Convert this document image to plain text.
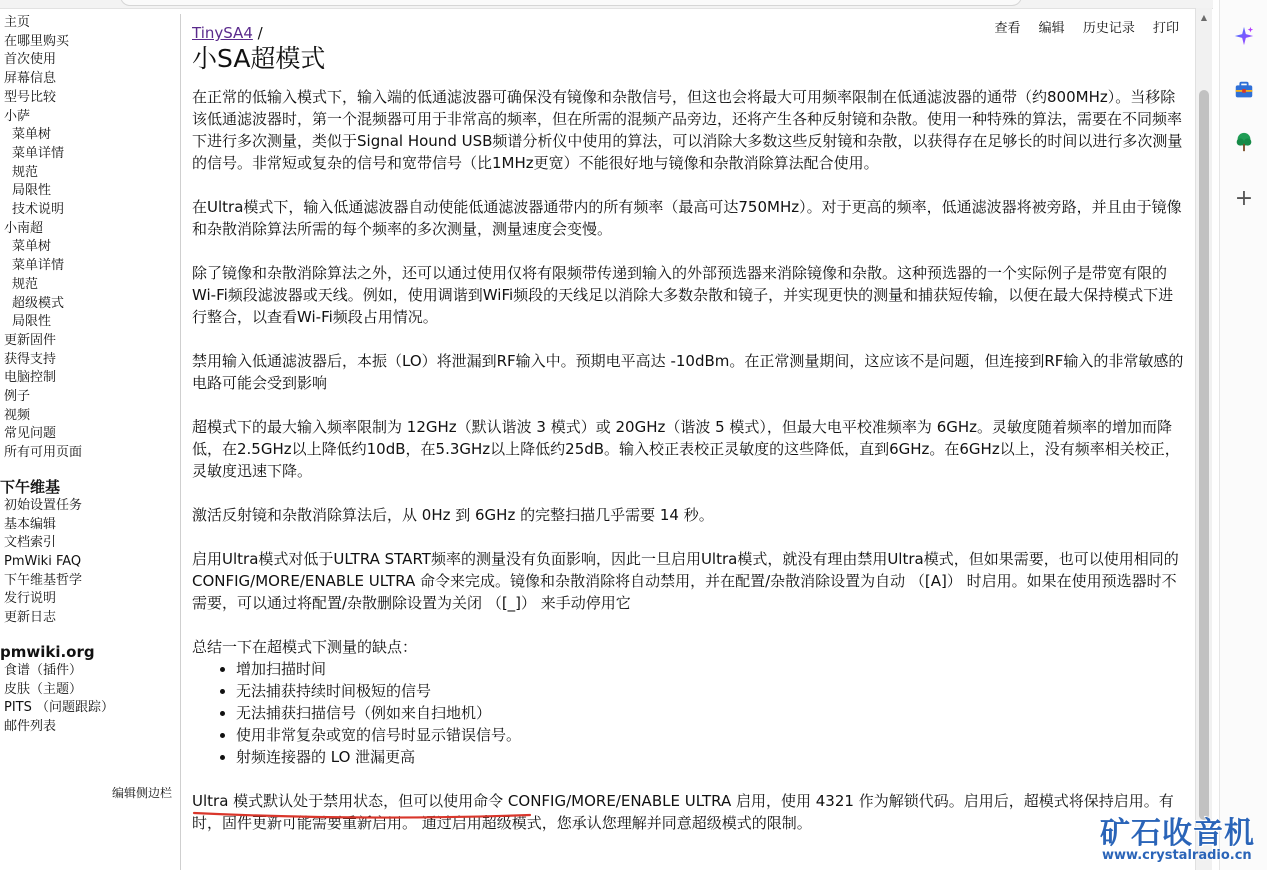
主页
在哪里购买
首次使用
屏幕信息
型号比较
小萨
菜单树
菜单详情
规范
局限性
技术说明
小南超
菜单树
菜单详情
规范
超级模式
局限性
更新固件
获得支持
电脑控制
例子
视频
常见问题
所有可用页面
下午维基
初始设置任务
基本编辑
文档索引
PmWiki FAQ
下午维基哲学
发行说明
更新日志
pmwiki.org
食谱（插件）
皮肤（主题）
PITS （问题跟踪）
邮件列表
编辑侧边栏
查看 编辑 历史记录 打印
TinySA4 /
小SA超模式

在正常的低输入模式下，输入端的低通滤波器可确保没有镜像和杂散信号，但这也会将最大可用频率限制在低通滤波器的通带（约800MHz）。当移除该低通滤波器时，第一个混频器可用于非常高的频率，但在所需的混频产品旁边，还将产生各种反射镜和杂散。使用一种特殊的算法，需要在不同频率下进行多次测量，类似于Signal Hound USB频谱分析仪中使用的算法，可以消除大多数这些反射镜和杂散，以获得存在足够长的时间以进行多次测量的信号。非常短或复杂的信号和宽带信号（比1MHz更宽）不能很好地与镜像和杂散消除算法配合使用。

在Ultra模式下，输入低通滤波器自动使能低通滤波器通带内的所有频率（最高可达750MHz）。对于更高的频率，低通滤波器将被旁路，并且由于镜像和杂散消除算法所需的每个频率的多次测量，测量速度会变慢。

除了镜像和杂散消除算法之外，还可以通过使用仅将有限频带传递到输入的外部预选器来消除镜像和杂散。这种预选器的一个实际例子是带宽有限的Wi-Fi频段滤波器或天线。例如，使用调谐到WiFi频段的天线足以消除大多数杂散和镜子，并实现更快的测量和捕获短传输，以便在最大保持模式下进行整合，以查看Wi-Fi频段占用情况。

禁用输入低通滤波器后，本振（LO）将泄漏到RF输入中。预期电平高达 -10dBm。在正常测量期间，这应该不是问题，但连接到RF输入的非常敏感的电路可能会受到影响

超模式下的最大输入频率限制为 12GHz（默认谐波 3 模式）或 20GHz（谐波 5 模式），但最大电平校准频率为 6GHz。灵敏度随着频率的增加而降低，在2.5GHz以上降低约10dB，在5.3GHz以上降低约25dB。输入校正表校正灵敏度的这些降低，直到6GHz。在6GHz以上，没有频率相关校正，灵敏度迅速下降。

激活反射镜和杂散消除算法后，从 0Hz 到 6GHz 的完整扫描几乎需要 14 秒。

启用Ultra模式对低于ULTRA START频率的测量没有负面影响，因此一旦启用Ultra模式，就没有理由禁用Ultra模式，但如果需要，也可以使用相同的CONFIG/MORE/ENABLE ULTRA 命令来完成。镜像和杂散消除将自动禁用，并在配置/杂散消除设置为自动 （[A]） 时启用。如果在使用预选器时不需要，可以通过将配置/杂散删除设置为关闭 （[_]） 来手动停用它

总结一下在超模式下测量的缺点：

• 增加扫描时间
• 无法捕获持续时间极短的信号
• 无法捕获扫描信号（例如来自扫地机）
• 使用非常复杂或宽的信号时显示错误信号。
• 射频连接器的 LO 泄漏更高
Ultra 模式默认处于禁用状态，但可以使用命令 CONFIG/MORE/ENABLE ULTRA 启用，使用 4321 作为解锁代码。启用后，超模式将保持启用。有时，固件更新可能需要重新启用。 通过启用超级模式，您承认您理解并同意超级模式的限制。
▲
+
矿石收音机
www.crystalradio.cn
